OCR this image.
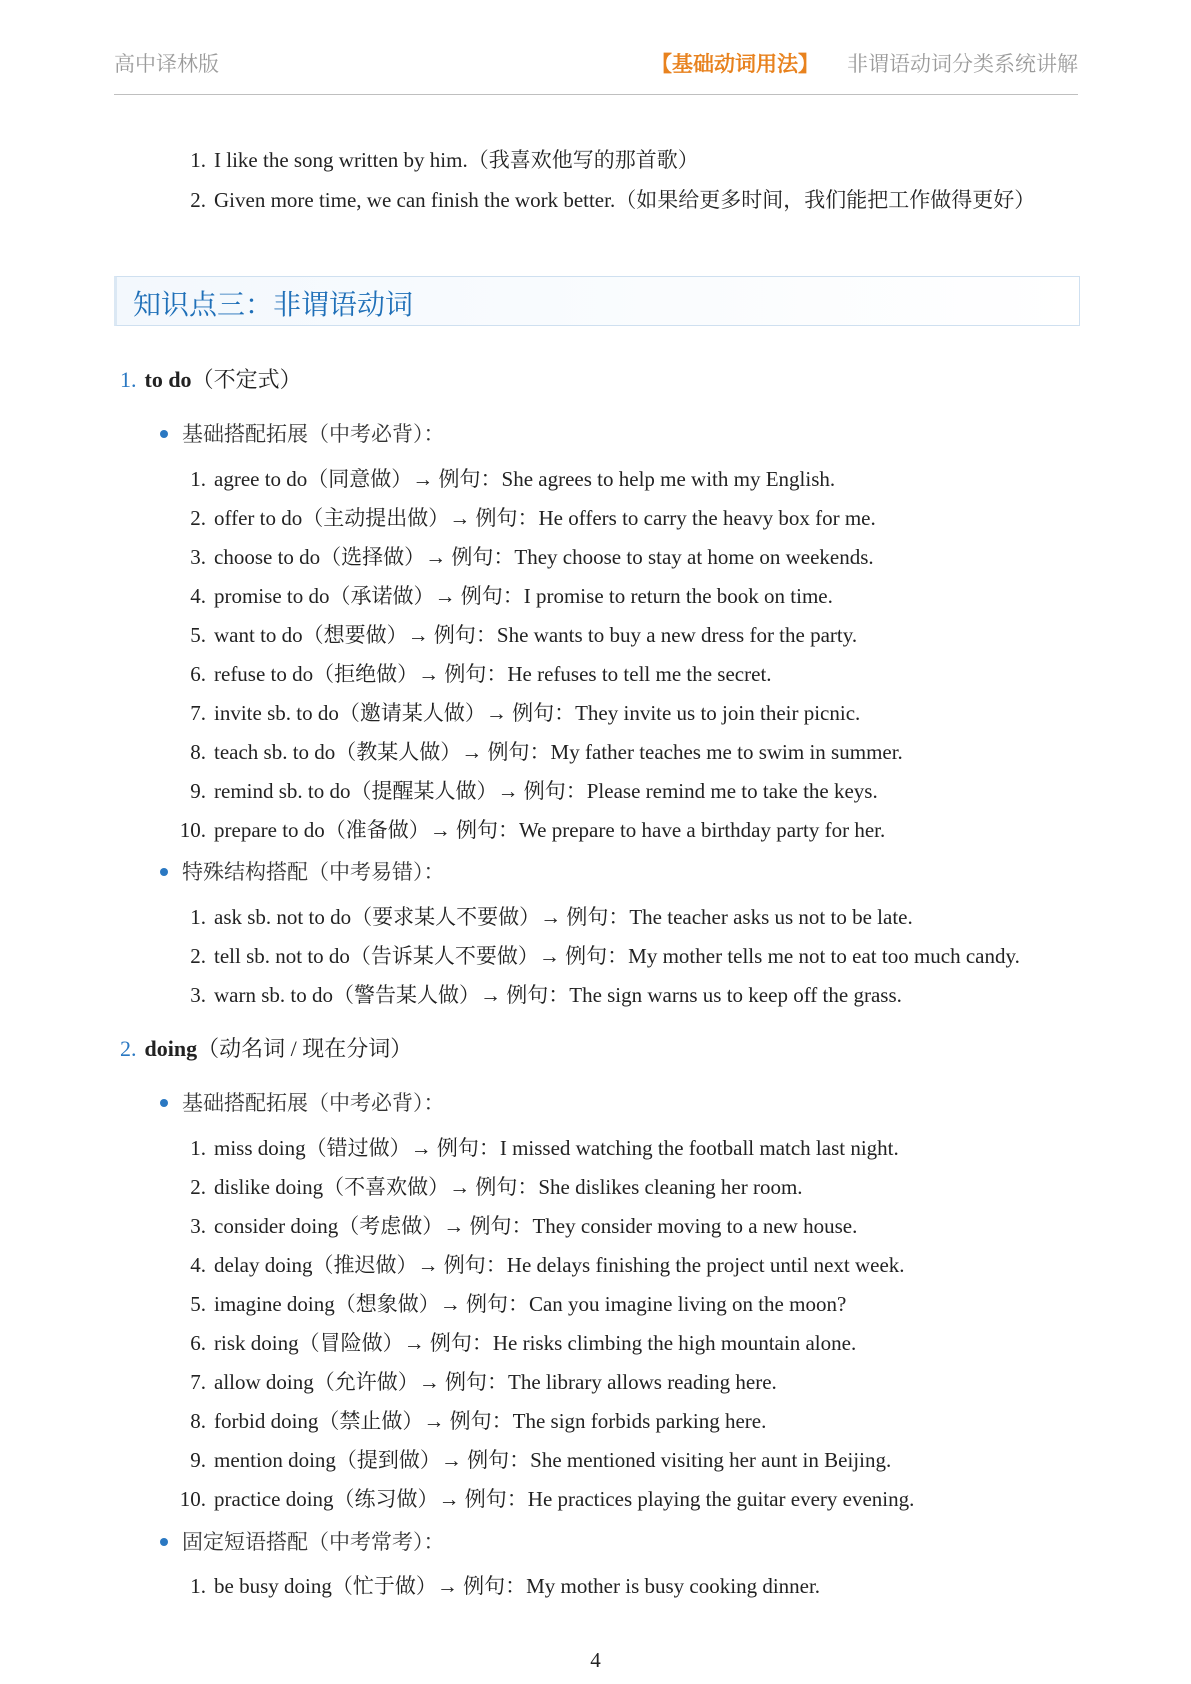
高中译林版	【基础动词用法】 非谓语动词分类系统讲解
1. I like the song written by him.（我喜欢他写的那首歌）
2. Given more time, we can finish the work better.（如果给更多时间，我们能把工作做得更好）
知识点三：非谓语动词
1. to do（不定式）
基础搭配拓展（中考必背）：
1. agree to do（同意做）→ 例句：She agrees to help me with my English.
2. offer to do（主动提出做）→ 例句：He offers to carry the heavy box for me.
3. choose to do（选择做）→ 例句：They choose to stay at home on weekends.
4. promise to do（承诺做）→ 例句：I promise to return the book on time.
5. want to do（想要做）→ 例句：She wants to buy a new dress for the party.
6. refuse to do（拒绝做）→ 例句：He refuses to tell me the secret.
7. invite sb. to do（邀请某人做）→ 例句：They invite us to join their picnic.
8. teach sb. to do（教某人做）→ 例句：My father teaches me to swim in summer.
9. remind sb. to do（提醒某人做）→ 例句：Please remind me to take the keys.
10. prepare to do（准备做）→ 例句：We prepare to have a birthday party for her.
特殊结构搭配（中考易错）：
1. ask sb. not to do（要求某人不要做）→ 例句：The teacher asks us not to be late.
2. tell sb. not to do（告诉某人不要做）→ 例句：My mother tells me not to eat too much candy.
3. warn sb. to do（警告某人做）→ 例句：The sign warns us to keep off the grass.
2. doing（动名词 / 现在分词）
基础搭配拓展（中考必背）：
1. miss doing（错过做）→ 例句：I missed watching the football match last night.
2. dislike doing（不喜欢做）→ 例句：She dislikes cleaning her room.
3. consider doing（考虑做）→ 例句：They consider moving to a new house.
4. delay doing（推迟做）→ 例句：He delays finishing the project until next week.
5. imagine doing（想象做）→ 例句：Can you imagine living on the moon?
6. risk doing（冒险做）→ 例句：He risks climbing the high mountain alone.
7. allow doing（允许做）→ 例句：The library allows reading here.
8. forbid doing（禁止做）→ 例句：The sign forbids parking here.
9. mention doing（提到做）→ 例句：She mentioned visiting her aunt in Beijing.
10. practice doing（练习做）→ 例句：He practices playing the guitar every evening.
固定短语搭配（中考常考）：
1. be busy doing（忙于做）→ 例句：My mother is busy cooking dinner.
4
